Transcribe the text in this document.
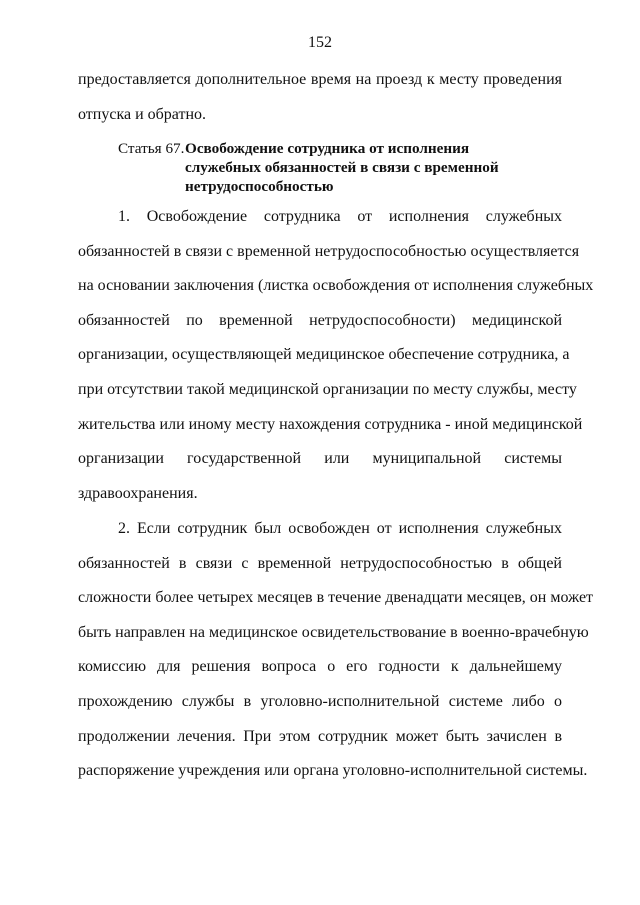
152
предоставляется дополнительное время на проезд к месту проведения
отпуска и обратно.
Статья 67. Освобождение сотрудника от исполнения
служебных обязанностей в связи с временной
нетрудоспособностью
1. Освобождение сотрудника от исполнения служебных
обязанностей в связи с временной нетрудоспособностью осуществляется
на основании заключения (листка освобождения от исполнения служебных
обязанностей по временной нетрудоспособности) медицинской
организации, осуществляющей медицинское обеспечение сотрудника, а
при отсутствии такой медицинской организации по месту службы, месту
жительства или иному месту нахождения сотрудника - иной медицинской
организации государственной или муниципальной системы
здравоохранения.
2. Если сотрудник был освобожден от исполнения служебных
обязанностей в связи с временной нетрудоспособностью в общей
сложности более четырех месяцев в течение двенадцати месяцев, он может
быть направлен на медицинское освидетельствование в военно-врачебную
комиссию для решения вопроса о его годности к дальнейшему
прохождению службы в уголовно-исполнительной системе либо о
продолжении лечения. При этом сотрудник может быть зачислен в
распоряжение учреждения или органа уголовно-исполнительной системы.
